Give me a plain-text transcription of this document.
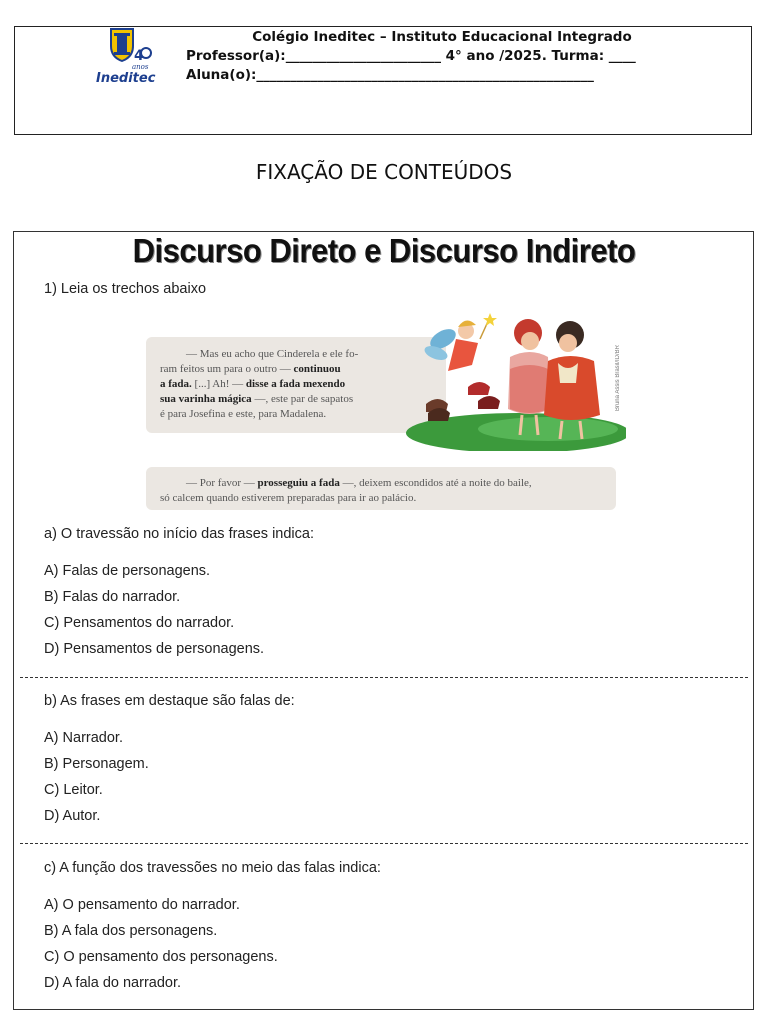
4
anos
Ineditec
Colégio Ineditec – Instituto Educacional Integrado
Professor(a):_______________________ 4° ano /2025. Turma: ____
Aluna(o):__________________________________________________
FIXAÇÃO DE CONTEÚDOS
Discurso Direto e Discurso Indireto
1) Leia os trechos abaixo
— Mas eu acho que Cinderela e ele fo-
ram feitos um para o outro — continuou
a fada. [...] Ah! — disse a fada mexendo
sua varinha mágica —, este par de sapatos
é para Josefina e este, para Madalena.
Bruna Assis Brasil/ID/BR
— Por favor — prosseguiu a fada —, deixem escondidos até a noite do baile,
só calcem quando estiverem preparadas para ir ao palácio.
a) O travessão no início das frases indica:
A) Falas de personagens.
B) Falas do narrador.
C) Pensamentos do narrador.
D) Pensamentos de personagens.
b) As frases em destaque são falas de:
A) Narrador.
B) Personagem.
C) Leitor.
D) Autor.
c) A função dos travessões no meio das falas indica:
A) O pensamento do narrador.
B) A fala dos personagens.
C) O pensamento dos personagens.
D) A fala do narrador.
